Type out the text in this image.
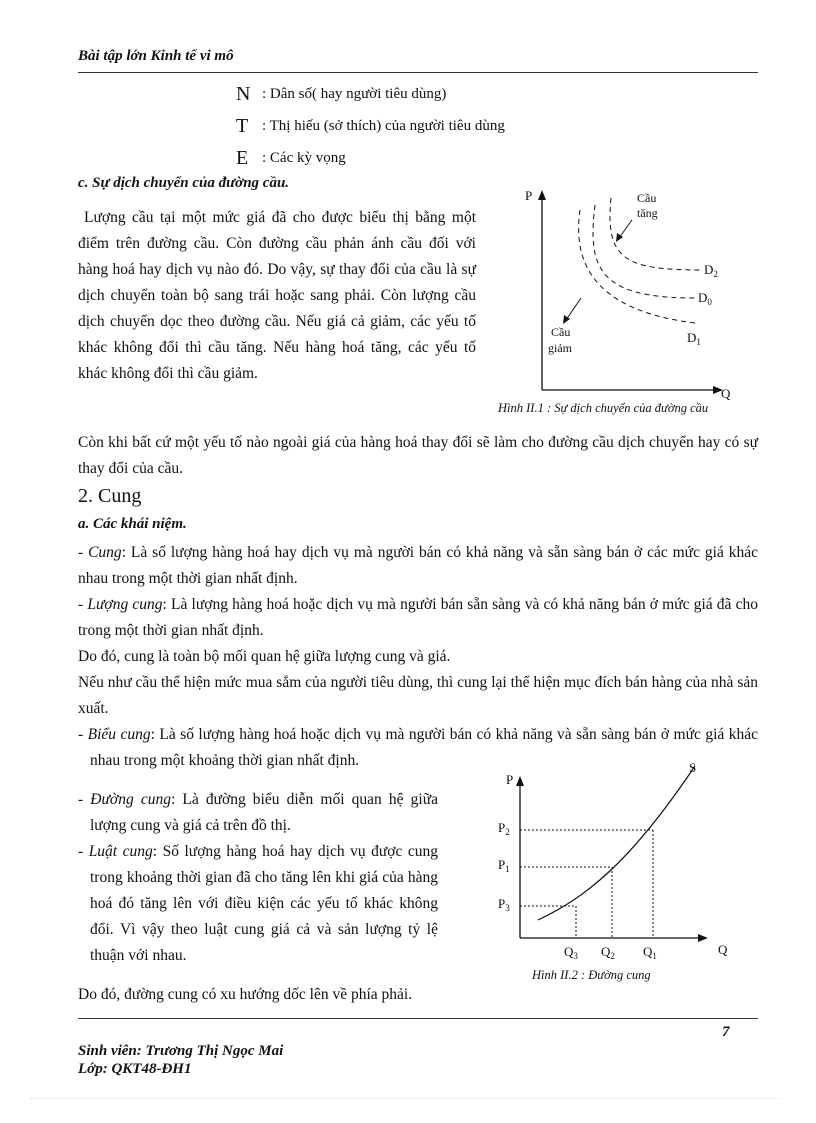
Bài tập lớn Kinh tế vi mô
N : Dân số( hay người tiêu dùng)
T : Thị hiếu (sở thích) của người tiêu dùng
E : Các kỳ vọng
c. Sự dịch chuyển của đường cầu.
Lượng cầu tại một mức giá đã cho được biểu thị bằng một điểm trên đường cầu. Còn đường cầu phản ánh cầu đối với hàng hoá hay dịch vụ nào đó. Do vậy, sự thay đổi của cầu là sự dịch chuyển toàn bộ sang trái hoặc sang phải. Còn lượng cầu dịch chuyển dọc theo đường cầu. Nếu giá cả giảm, các yếu tố khác không đổi thì cầu tăng. Nếu hàng hoá tăng, các yếu tố khác không đổi thì cầu giảm.
P
Q
Cầu
tăng
Cầu
giảm
$D_2$
$D_0$
$D_1$
Hình II.1 : Sự dịch chuyển của đường cầu
Còn khi bất cứ một yếu tố nào ngoài giá của hàng hoá thay đổi sẽ làm cho đường cầu dịch chuyển hay có sự thay đổi của cầu.
2. Cung
a. Các khái niệm.
- Cung: Là số lượng hàng hoá hay dịch vụ mà người bán có khả năng và sẵn sàng bán ở các mức giá khác nhau trong một thời gian nhất định.
- Lượng cung: Là lượng hàng hoá hoặc dịch vụ mà người bán sẵn sàng và có khả năng bán ở mức giá đã cho trong một thời gian nhất định.
Do đó, cung là toàn bộ mối quan hệ giữa lượng cung và giá.
Nếu như cầu thể hiện mức mua sắm của người tiêu dùng, thì cung lại thể hiện mục đích bán hàng của nhà sản xuất.
- Biểu cung: Là số lượng hàng hoá hoặc dịch vụ mà người bán có khả năng và sẵn sàng bán ở mức giá khác nhau trong một khoảng thời gian nhất định.
- Đường cung: Là đường biểu diễn mối quan hệ giữa lượng cung và giá cả trên đồ thị.
- Luật cung: Số lượng hàng hoá hay dịch vụ được cung trong khoảng thời gian đã cho tăng lên khi giá của hàng hoá đó tăng lên với điều kiện các yếu tố khác không đổi. Vì vậy theo luật cung giá cả và sản lượng tỷ lệ thuận với nhau.
P
Q
S
$P_2$
$P_1$
$P_3$
$Q_3$ $Q_2$ $Q_1$
Hình II.2 : Đường cung
Do đó, đường cung có xu hướng dốc lên về phía phải.
7
Sinh viên: Trương Thị Ngọc Mai
Lớp: QKT48-ĐH1
